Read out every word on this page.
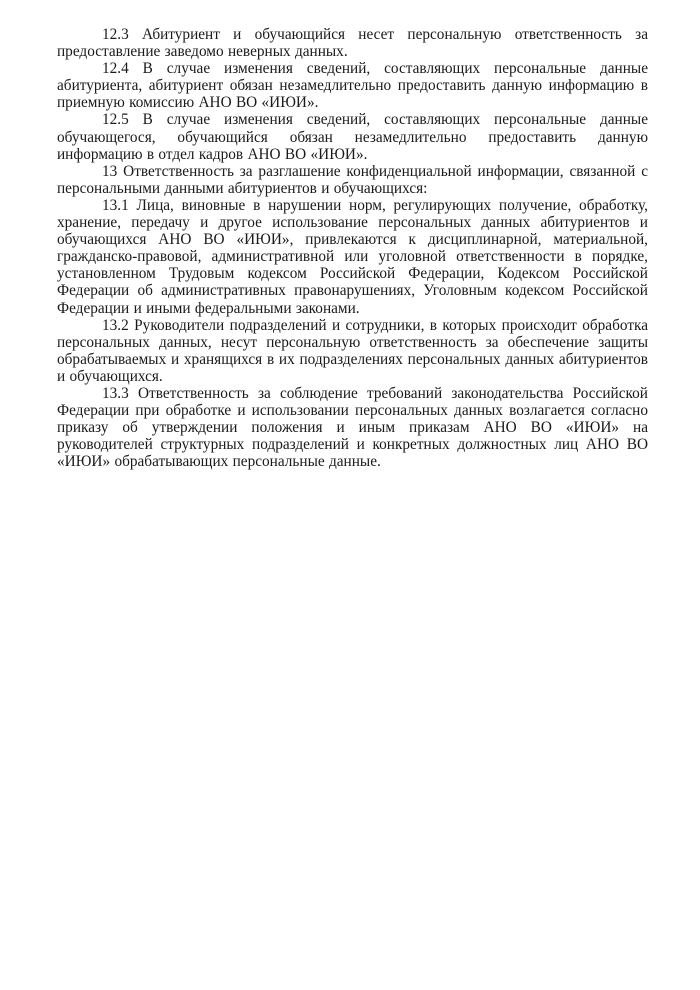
12.3 Абитуриент и обучающийся несет персональную ответственность за предоставление заведомо неверных данных.

12.4 В случае изменения сведений, составляющих персональные данные абитуриента, абитуриент обязан незамедлительно предоставить данную информацию в приемную комиссию АНО ВО «ИЮИ».

12.5 В случае изменения сведений, составляющих персональные данные обучающегося, обучающийся обязан незамедлительно предоставить данную информацию в отдел кадров АНО ВО «ИЮИ».

13 Ответственность за разглашение конфиденциальной информации, связанной с персональными данными абитуриентов и обучающихся:

13.1 Лица, виновные в нарушении норм, регулирующих получение, обработку, хранение, передачу и другое использование персональных данных абитуриентов и обучающихся АНО ВО «ИЮИ», привлекаются к дисциплинарной, материальной, гражданско-правовой, административной или уголовной ответственности в порядке, установленном Трудовым кодексом Российской Федерации, Кодексом Российской Федерации об административных правонарушениях, Уголовным кодексом Российской Федерации и иными федеральными законами.

13.2 Руководители подразделений и сотрудники, в которых происходит обработка персональных данных, несут персональную ответственность за обеспечение защиты обрабатываемых и хранящихся в их подразделениях персональных данных абитуриентов и обучающихся.

13.3 Ответственность за соблюдение требований законодательства Российской Федерации при обработке и использовании персональных данных возлагается согласно приказу об утверждении положения и иным приказам АНО ВО «ИЮИ» на руководителей структурных подразделений и конкретных должностных лиц АНО ВО «ИЮИ» обрабатывающих персональные данные.
